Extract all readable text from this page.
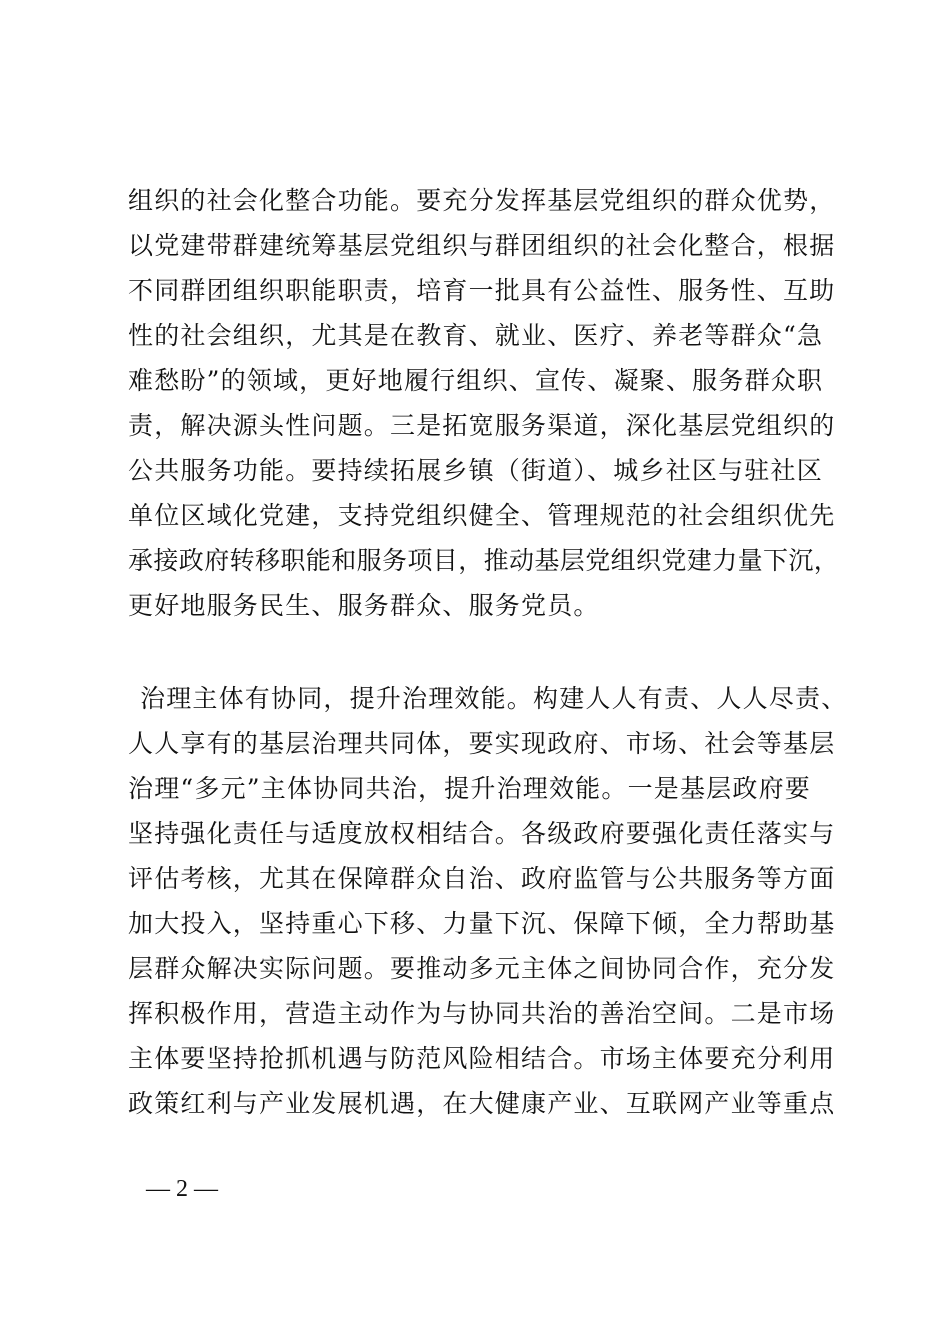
组织的社会化整合功能。要充分发挥基层党组织的群众优势，
以党建带群建统筹基层党组织与群团组织的社会化整合，根据
不同群团组织职能职责，培育一批具有公益性、服务性、互助
性的社会组织，尤其是在教育、就业、医疗、养老等群众“急
难愁盼”的领域，更好地履行组织、宣传、凝聚、服务群众职
责，解决源头性问题。三是拓宽服务渠道，深化基层党组织的
公共服务功能。要持续拓展乡镇（街道）、城乡社区与驻社区
单位区域化党建，支持党组织健全、管理规范的社会组织优先
承接政府转移职能和服务项目，推动基层党组织党建力量下沉，
更好地服务民生、服务群众、服务党员。
治理主体有协同，提升治理效能。构建人人有责、人人尽责、
人人享有的基层治理共同体，要实现政府、市场、社会等基层
治理“多元”主体协同共治，提升治理效能。一是基层政府要
坚持强化责任与适度放权相结合。各级政府要强化责任落实与
评估考核，尤其在保障群众自治、政府监管与公共服务等方面
加大投入，坚持重心下移、力量下沉、保障下倾，全力帮助基
层群众解决实际问题。要推动多元主体之间协同合作，充分发
挥积极作用，营造主动作为与协同共治的善治空间。二是市场
主体要坚持抢抓机遇与防范风险相结合。市场主体要充分利用
政策红利与产业发展机遇，在大健康产业、互联网产业等重点
— 2 —
